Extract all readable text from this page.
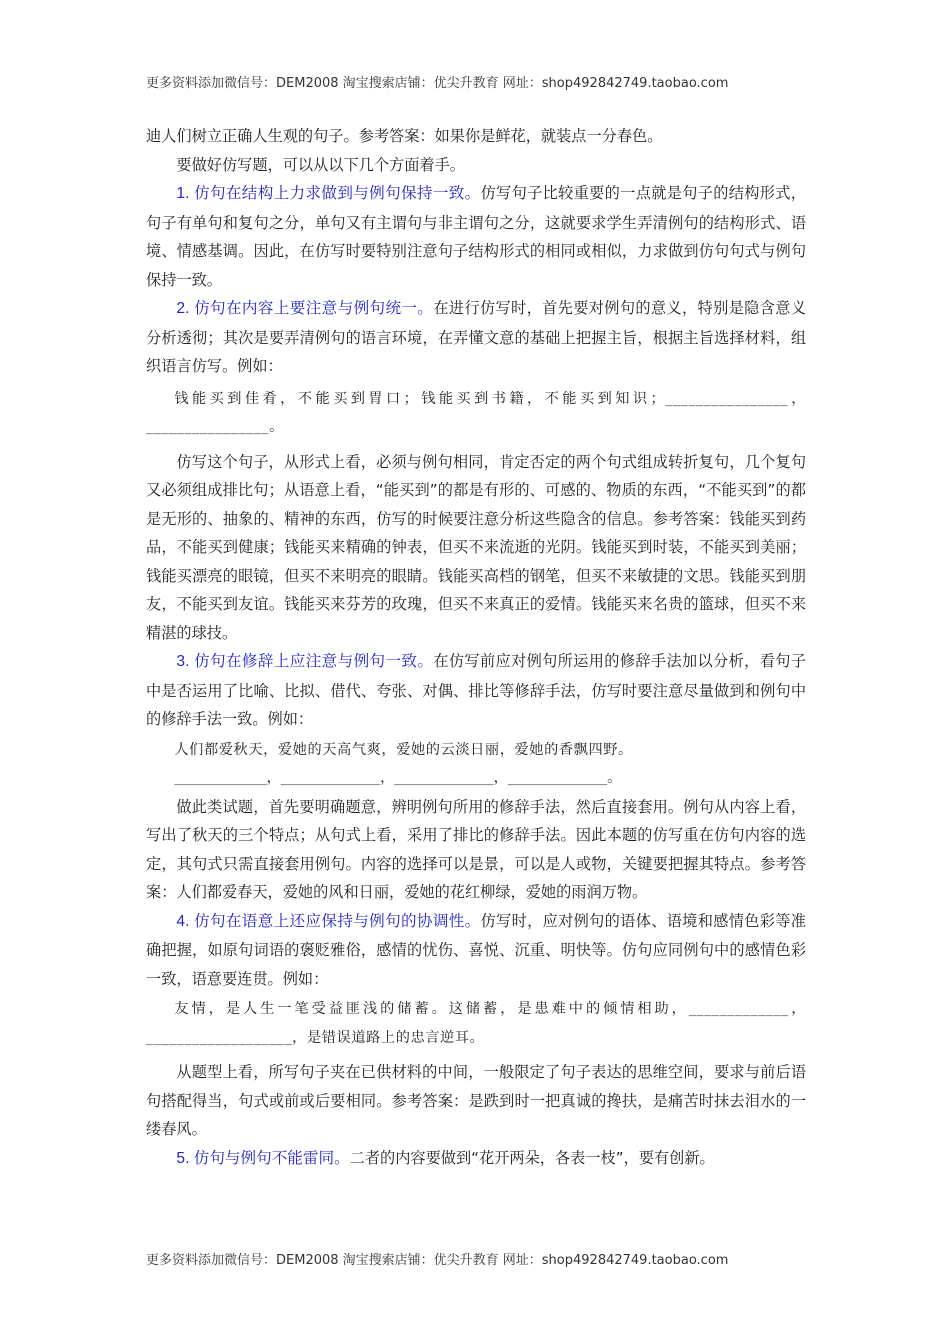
更多资料添加微信号：DEM2008 淘宝搜索店铺：优尖升教育 网址：shop492842749.taobao.com

迪人们树立正确人生观的句子。参考答案：如果你是鲜花，就装点一分春色。

要做好仿写题，可以从以下几个方面着手。

1. 仿句在结构上力求做到与例句保持一致。仿写句子比较重要的一点就是句子的结构形式，句子有单句和复句之分，单句又有主谓句与非主谓句之分，这就要求学生弄清例句的结构形式、语境、情感基调。因此，在仿写时要特别注意句子结构形式的相同或相似，力求做到仿句句式与例句保持一致。

2. 仿句在内容上要注意与例句统一。在进行仿写时，首先要对例句的意义，特别是隐含意义分析透彻；其次是要弄清例句的语言环境，在弄懂文意的基础上把握主旨，根据主旨选择材料，组织语言仿写。例如：

钱能买到佳肴，不能买到胃口；钱能买到书籍，不能买到知识；________________，________________。

仿写这个句子，从形式上看，必须与例句相同，肯定否定的两个句式组成转折复句，几个复句又必须组成排比句；从语意上看，“能买到”的都是有形的、可感的、物质的东西，“不能买到”的都是无形的、抽象的、精神的东西，仿写的时候要注意分析这些隐含的信息。参考答案：钱能买到药品，不能买到健康；钱能买来精确的钟表，但买不来流逝的光阴。钱能买到时装，不能买到美丽；钱能买漂亮的眼镜，但买不来明亮的眼睛。钱能买高档的钢笔，但买不来敏捷的文思。钱能买到朋友，不能买到友谊。钱能买来芬芳的玫瑰，但买不来真正的爱情。钱能买来名贵的篮球，但买不来精湛的球技。

3. 仿句在修辞上应注意与例句一致。在仿写前应对例句所运用的修辞手法加以分析，看句子中是否运用了比喻、比拟、借代、夸张、对偶、排比等修辞手法，仿写时要注意尽量做到和例句中的修辞手法一致。例如：

人们都爱秋天，爱她的天高气爽，爱她的云淡日丽，爱她的香飘四野。

_____________，______________，______________，______________。

做此类试题，首先要明确题意，辨明例句所用的修辞手法，然后直接套用。例句从内容上看，写出了秋天的三个特点；从句式上看，采用了排比的修辞手法。因此本题的仿写重在仿句内容的选定，其句式只需直接套用例句。内容的选择可以是景，可以是人或物，关键要把握其特点。参考答案：人们都爱春天，爱她的风和日丽，爱她的花红柳绿，爱她的雨润万物。

4. 仿句在语意上还应保持与例句的协调性。仿写时，应对例句的语体、语境和感情色彩等准确把握，如原句词语的褒贬雅俗，感情的忧伤、喜悦、沉重、明快等。仿句应同例句中的感情色彩一致，语意要连贯。例如：

友情，是人生一笔受益匪浅的储蓄。这储蓄，是患难中的倾情相助，_____________，___________________，是错误道路上的忠言逆耳。

从题型上看，所写句子夹在已供材料的中间，一般限定了句子表达的思维空间，要求与前后语句搭配得当，句式或前或后要相同。参考答案：是跌到时一把真诚的搀扶，是痛苦时抹去泪水的一缕春风。

5. 仿句与例句不能雷同。二者的内容要做到“花开两朵，各表一枝”，要有创新。

更多资料添加微信号：DEM2008 淘宝搜索店铺：优尖升教育 网址：shop492842749.taobao.com
